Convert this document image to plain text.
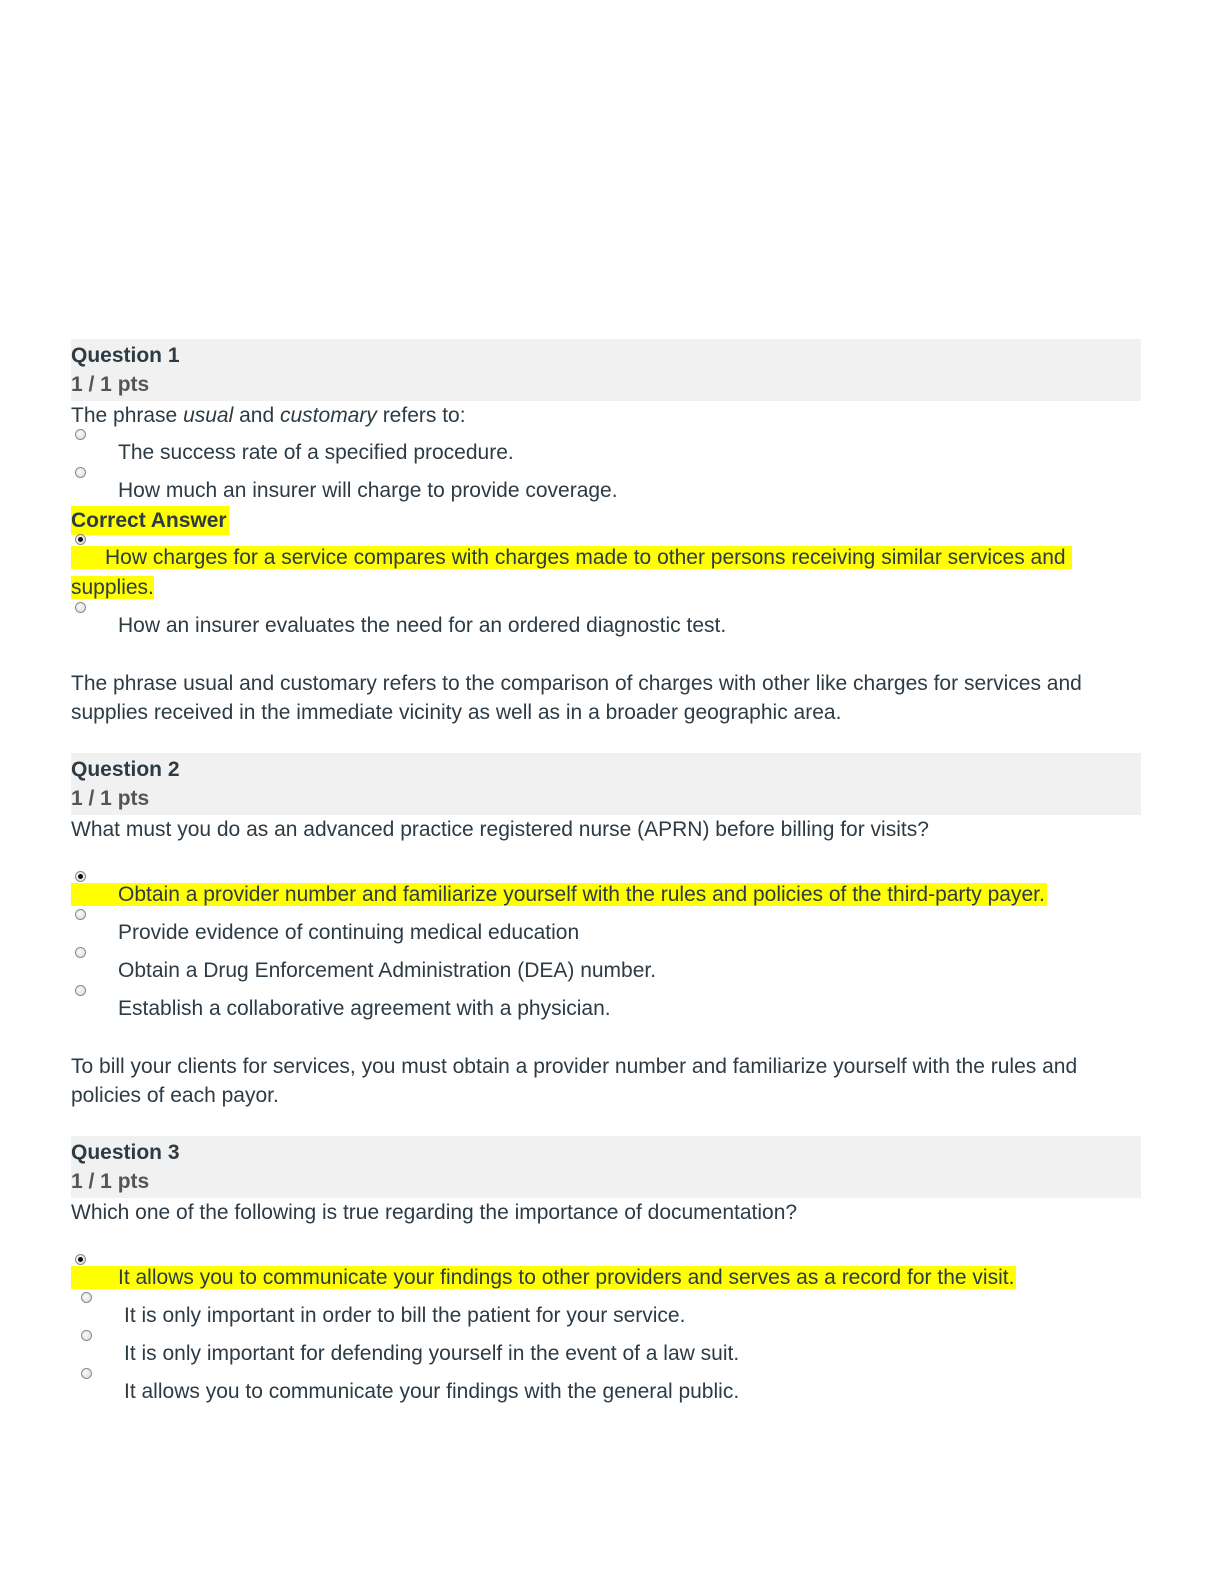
Question 1
1 / 1 pts
The phrase usual and customary refers to:
The success rate of a specified procedure.
How much an insurer will charge to provide coverage.
Correct Answer
How charges for a service compares with charges made to other persons receiving similar services and
supplies.
How an insurer evaluates the need for an ordered diagnostic test.
The phrase usual and customary refers to the comparison of charges with other like charges for services and
supplies received in the immediate vicinity as well as in a broader geographic area.
Question 2
1 / 1 pts
What must you do as an advanced practice registered nurse (APRN) before billing for visits?
Obtain a provider number and familiarize yourself with the rules and policies of the third-party payer.
Provide evidence of continuing medical education
Obtain a Drug Enforcement Administration (DEA) number.
Establish a collaborative agreement with a physician.
To bill your clients for services, you must obtain a provider number and familiarize yourself with the rules and
policies of each payor.
Question 3
1 / 1 pts
Which one of the following is true regarding the importance of documentation?
It allows you to communicate your findings to other providers and serves as a record for the visit.
It is only important in order to bill the patient for your service.
It is only important for defending yourself in the event of a law suit.
It allows you to communicate your findings with the general public.
